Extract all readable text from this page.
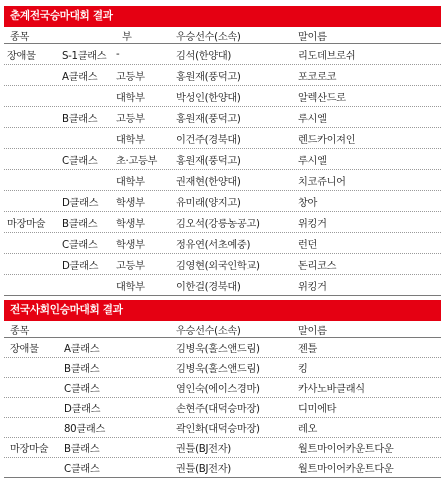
춘계전국승마대회 결과
종목	부	우승선수(소속)	말이름
장애물	S-1클래스 -	김석(한양대)	리도데브로쉬
A클래스 고등부	홍원재(풍덕고)	포코로코
대학부	박성인(한양대)	알렉산드로
B클래스 고등부	홍원재(풍덕고)	루시엘
대학부	이건주(경북대)	렌드카이져인
C클래스 초·고등부 홍원재(풍덕고)	루시엘
대학부	권재현(한양대)	치코쥬니어
D클래스 학생부	유미래(양지고)	창아
마장마술 B클래스 학생부	김오석(강릉농공고)	위킹거
C클래스 학생부	정유연(서초예중)	런던
D클래스 고등부	김영현(외국인학교)	돈리코스
대학부	이한걸(경북대)	위킹거
전국사회인승마대회 결과
종목	우승선수(소속)	말이름
장애물 A클래스	김병욱(홀스앤드림)	젠틀
B클래스	김병욱(홀스앤드림)	킹
C클래스	염인숙(에이스경마)	카사노바클래식
D클래스	손현주(대덕승마장)	디미에타
80클래스	곽인화(대덕승마장)	레오
마장마술 B클래스	권틀(BJ전자)	월트마이어카운트다운
C클래스	권틀(BJ전자)	월트마이어카운트다운
